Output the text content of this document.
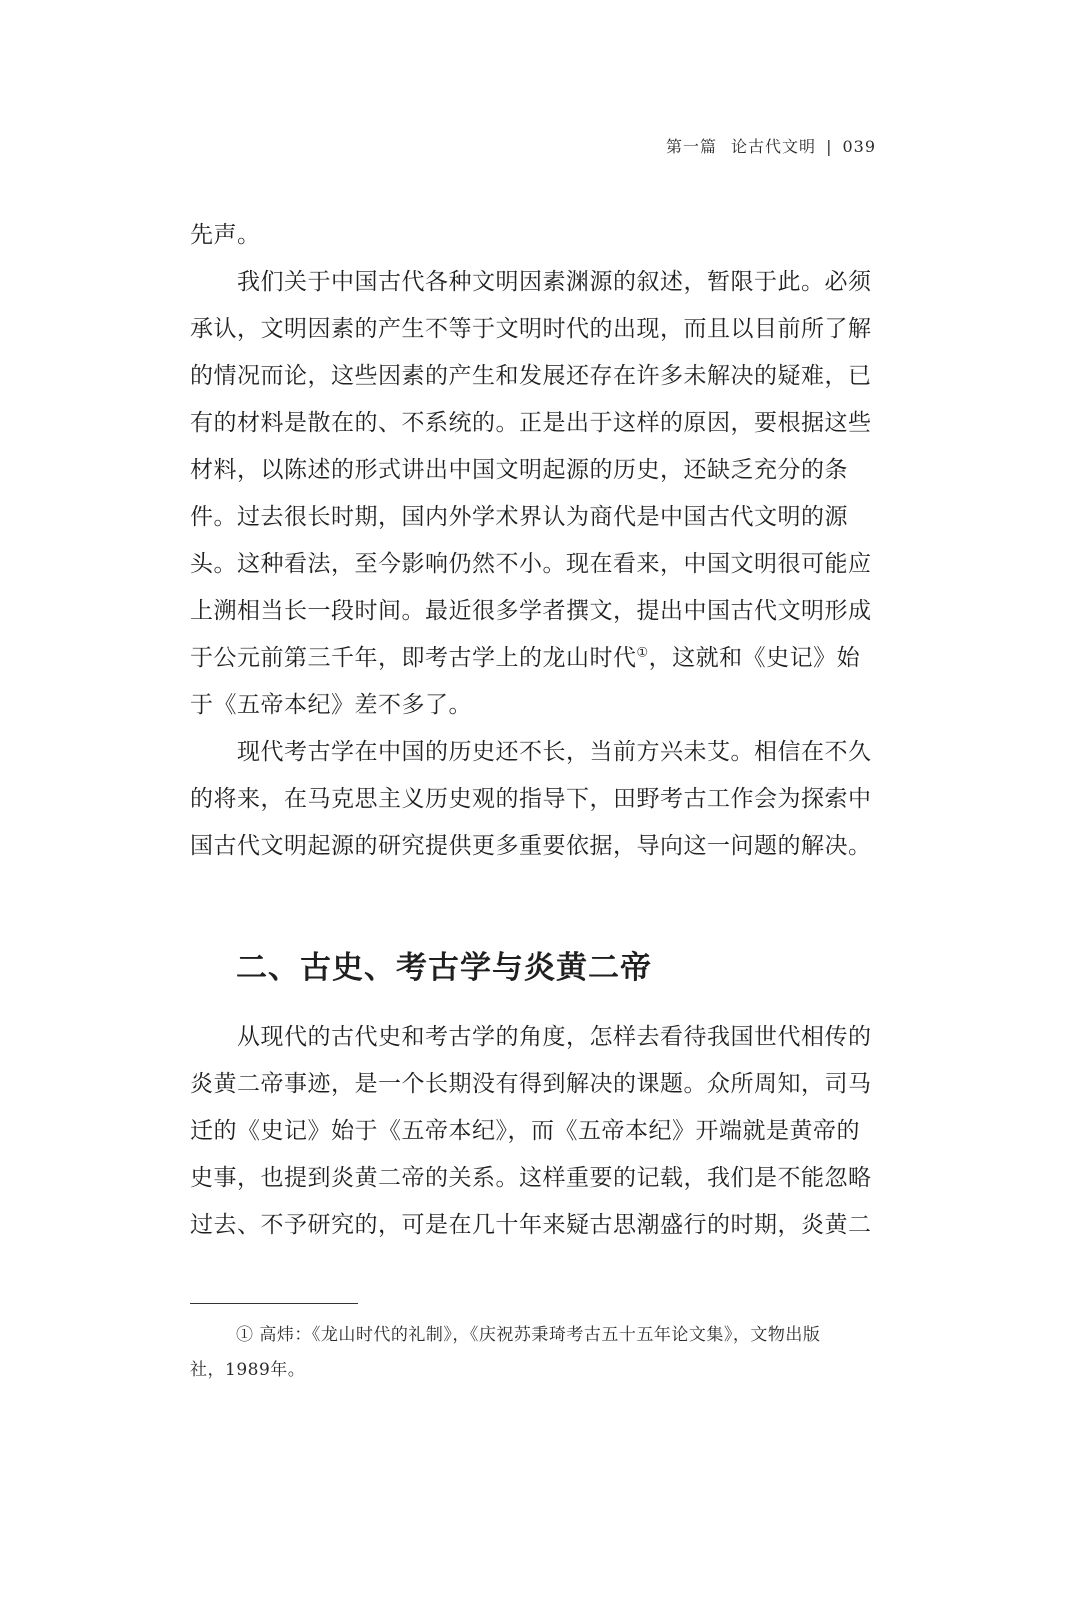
第一篇 论古代文明 | 039
先声。
　　我们关于中国古代各种文明因素渊源的叙述，暂限于此。必须
承认，文明因素的产生不等于文明时代的出现，而且以目前所了解
的情况而论，这些因素的产生和发展还存在许多未解决的疑难，已
有的材料是散在的、不系统的。正是出于这样的原因，要根据这些
材料，以陈述的形式讲出中国文明起源的历史，还缺乏充分的条
件。过去很长时期，国内外学术界认为商代是中国古代文明的源
头。这种看法，至今影响仍然不小。现在看来，中国文明很可能应
上溯相当长一段时间。最近很多学者撰文，提出中国古代文明形成
于公元前第三千年，即考古学上的龙山时代①，这就和《史记》始
于《五帝本纪》差不多了。
　　现代考古学在中国的历史还不长，当前方兴未艾。相信在不久
的将来，在马克思主义历史观的指导下，田野考古工作会为探索中
国古代文明起源的研究提供更多重要依据，导向这一问题的解决。
　　从现代的古代史和考古学的角度，怎样去看待我国世代相传的
炎黄二帝事迹，是一个长期没有得到解决的课题。众所周知，司马
迁的《史记》始于《五帝本纪》，而《五帝本纪》开端就是黄帝的
史事，也提到炎黄二帝的关系。这样重要的记载，我们是不能忽略
过去、不予研究的，可是在几十年来疑古思潮盛行的时期，炎黄二
二、古史、考古学与炎黄二帝
① 高炜：《龙山时代的礼制》，《庆祝苏秉琦考古五十五年论文集》，文物出版
社，1989年。
